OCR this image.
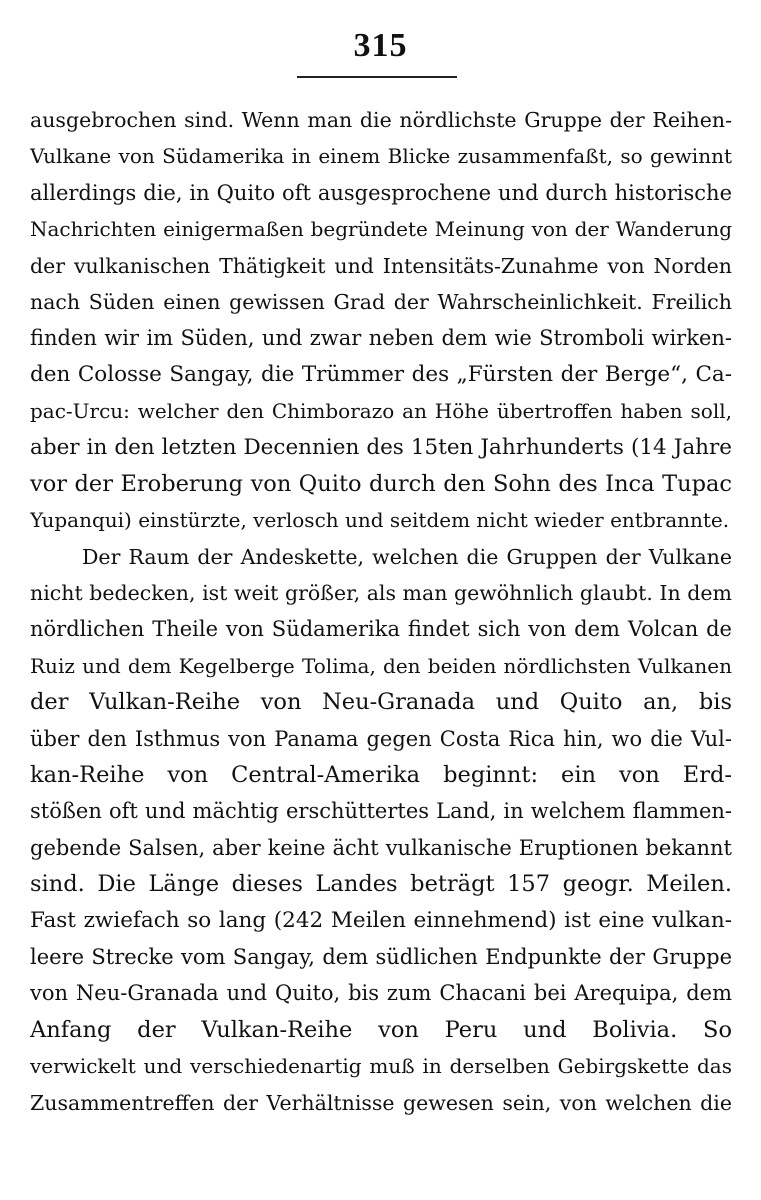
315
ausgebrochen sind. Wenn man die nördlichste Gruppe der Reihen-
Vulkane von Südamerika in einem Blicke zusammenfaßt, so gewinnt
allerdings die, in Quito oft ausgesprochene und durch historische
Nachrichten einigermaßen begründete Meinung von der Wanderung
der vulkanischen Thätigkeit und Intensitäts-Zunahme von Norden
nach Süden einen gewissen Grad der Wahrscheinlichkeit. Freilich
finden wir im Süden, und zwar neben dem wie Stromboli wirken-
den Colosse Sangay, die Trümmer des „Fürsten der Berge“, Ca-
pac-Urcu: welcher den Chimborazo an Höhe übertroffen haben soll,
aber in den letzten Decennien des 15ten Jahrhunderts (14 Jahre
vor der Eroberung von Quito durch den Sohn des Inca Tupac
Yupanqui) einstürzte, verlosch und seitdem nicht wieder entbrannte.
Der Raum der Andeskette, welchen die Gruppen der Vulkane
nicht bedecken, ist weit größer, als man gewöhnlich glaubt. In dem
nördlichen Theile von Südamerika findet sich von dem Volcan de
Ruiz und dem Kegelberge Tolima, den beiden nördlichsten Vulkanen
der Vulkan-Reihe von Neu-Granada und Quito an, bis
über den Isthmus von Panama gegen Costa Rica hin, wo die Vul-
kan-Reihe von Central-Amerika beginnt: ein von Erd-
stößen oft und mächtig erschüttertes Land, in welchem flammen-
gebende Salsen, aber keine ächt vulkanische Eruptionen bekannt
sind. Die Länge dieses Landes beträgt 157 geogr. Meilen.
Fast zwiefach so lang (242 Meilen einnehmend) ist eine vulkan-
leere Strecke vom Sangay, dem südlichen Endpunkte der Gruppe
von Neu-Granada und Quito, bis zum Chacani bei Arequipa, dem
Anfang der Vulkan-Reihe von Peru und Bolivia. So
verwickelt und verschiedenartig muß in derselben Gebirgskette das
Zusammentreffen der Verhältnisse gewesen sein, von welchen die
